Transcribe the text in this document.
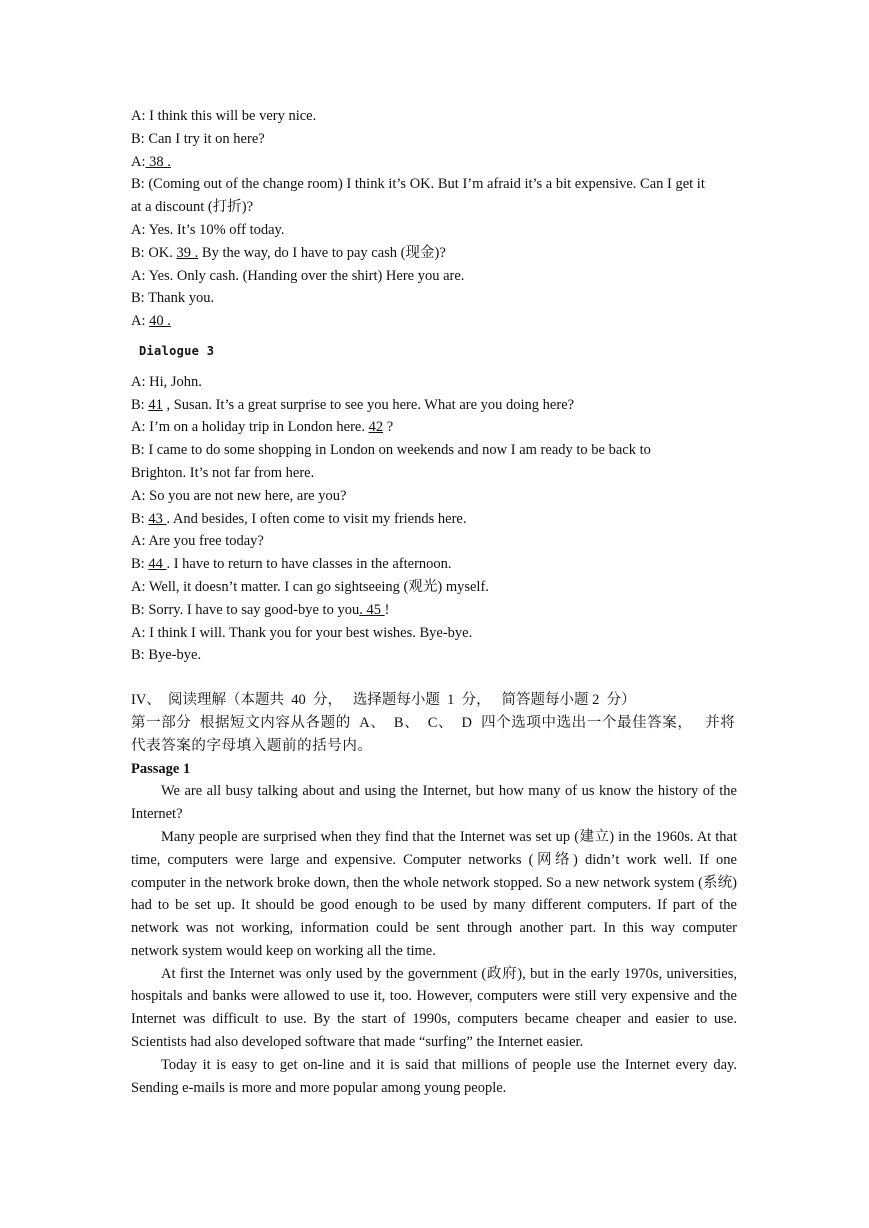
A: I think this will be very nice.

B: Can I try it on here?

A: 38 .

B: (Coming out of the change room) I think it’s OK. But I’m afraid it’s a bit expensive. Can I get it at a discount (打折)?

A: Yes. It’s 10% off today.

B: OK. 39 . By the way, do I have to pay cash (现金)?

A: Yes. Only cash. (Handing over the shirt) Here you are.

B: Thank you.

A: 40 .

Dialogue 3

A: Hi, John.

B: 41 , Susan. It’s a great surprise to see you here. What are you doing here?

A: I’m on a holiday trip in London here. 42 ?

B: I came to do some shopping in London on weekends and now I am ready to be back to Brighton. It’s not far from here.

A: So you are not new here, are you?

B: 43 . And besides, I often come to visit my friends here.

A: Are you free today?

B: 44 . I have to return to have classes in the afternoon.

A: Well, it doesn’t matter. I can go sightseeing (观光) myself.

B: Sorry. I have to say good-bye to you. 45 !

A: I think I will. Thank you for your best wishes. Bye-bye.

B: Bye-bye.

IV、  阅读理解（本题共  40  分，   选择题每小题  1  分，   简答题每小题 2  分）

第一部分  根据短文内容从各题的  A、  B、  C、  D  四个选项中选出一个最佳答案，   并将代表答案的字母填入题前的括号内。

Passage 1

We are all busy talking about and using the Internet, but how many of us know the history of the Internet?

Many people are surprised when they find that the Internet was set up (建立) in the 1960s. At that time, computers were large and expensive. Computer networks (网络) didn’t work well. If one computer in the network broke down, then the whole network stopped. So a new network system (系统) had to be set up. It should be good enough to be used by many different computers. If part of the network was not working, information could be sent through another part. In this way computer network system would keep on working all the time.

At first the Internet was only used by the government (政府), but in the early 1970s, universities, hospitals and banks were allowed to use it, too. However, computers were still very expensive and the Internet was difficult to use. By the start of 1990s, computers became cheaper and easier to use. Scientists had also developed software that made “surfing” the Internet easier.

Today it is easy to get on-line and it is said that millions of people use the Internet every day. Sending e-mails is more and more popular among young people.
